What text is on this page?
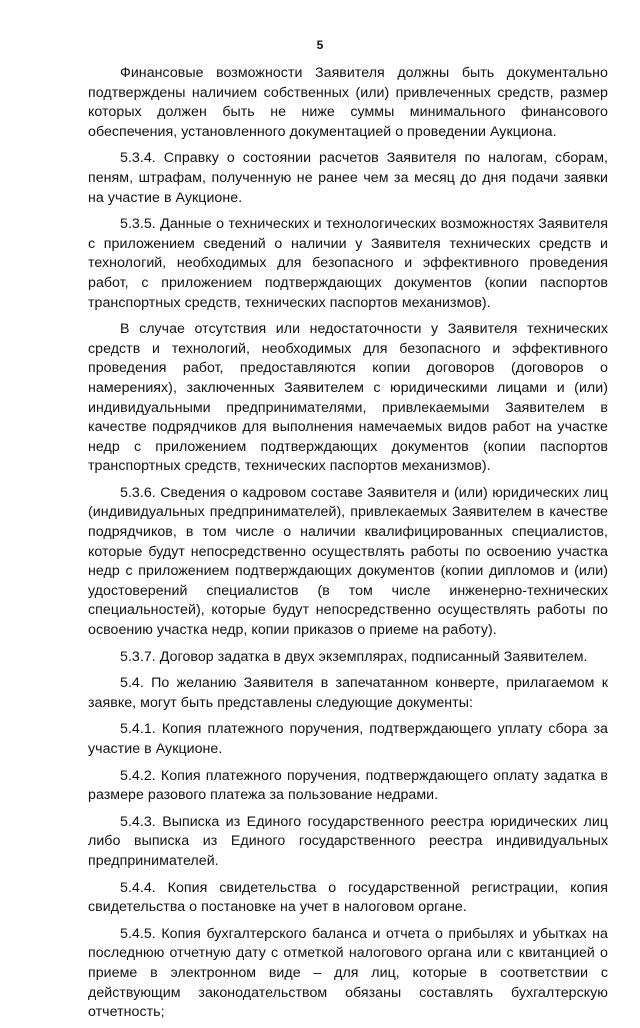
5

Финансовые возможности Заявителя должны быть документально подтверждены наличием собственных (или) привлеченных средств, размер которых должен быть не ниже суммы минимального финансового обеспечения, установленного документацией о проведении Аукциона.

5.3.4. Справку о состоянии расчетов Заявителя по налогам, сборам, пеням, штрафам, полученную не ранее чем за месяц до дня подачи заявки на участие в Аукционе.

5.3.5. Данные о технических и технологических возможностях Заявителя с приложением сведений о наличии у Заявителя технических средств и технологий, необходимых для безопасного и эффективного проведения работ, с приложением подтверждающих документов (копии паспортов транспортных средств, технических паспортов механизмов).

В случае отсутствия или недостаточности у Заявителя технических средств и технологий, необходимых для безопасного и эффективного проведения работ, предоставляются копии договоров (договоров о намерениях), заключенных Заявителем с юридическими лицами и (или) индивидуальными предпринимателями, привлекаемыми Заявителем в качестве подрядчиков для выполнения намечаемых видов работ на участке недр с приложением подтверждающих документов (копии паспортов транспортных средств, технических паспортов механизмов).

5.3.6. Сведения о кадровом составе Заявителя и (или) юридических лиц (индивидуальных предпринимателей), привлекаемых Заявителем в качестве подрядчиков, в том числе о наличии квалифицированных специалистов, которые будут непосредственно осуществлять работы по освоению участка недр с приложением подтверждающих документов (копии дипломов и (или) удостоверений специалистов (в том числе инженерно-технических специальностей), которые будут непосредственно осуществлять работы по освоению участка недр, копии приказов о приеме на работу).

5.3.7. Договор задатка в двух экземплярах, подписанный Заявителем.

5.4. По желанию Заявителя в запечатанном конверте, прилагаемом к заявке, могут быть представлены следующие документы:

5.4.1. Копия платежного поручения, подтверждающего уплату сбора за участие в Аукционе.

5.4.2. Копия платежного поручения, подтверждающего оплату задатка в размере разового платежа за пользование недрами.

5.4.3. Выписка из Единого государственного реестра юридических лиц либо выписка из Единого государственного реестра индивидуальных предпринимателей.

5.4.4. Копия свидетельства о государственной регистрации, копия свидетельства о постановке на учет в налоговом органе.

5.4.5. Копия бухгалтерского баланса и отчета о прибылях и убытках на последнюю отчетную дату с отметкой налогового органа или с квитанцией о приеме в электронном виде – для лиц, которые в соответствии с действующим законодательством обязаны составлять бухгалтерскую отчетность;
